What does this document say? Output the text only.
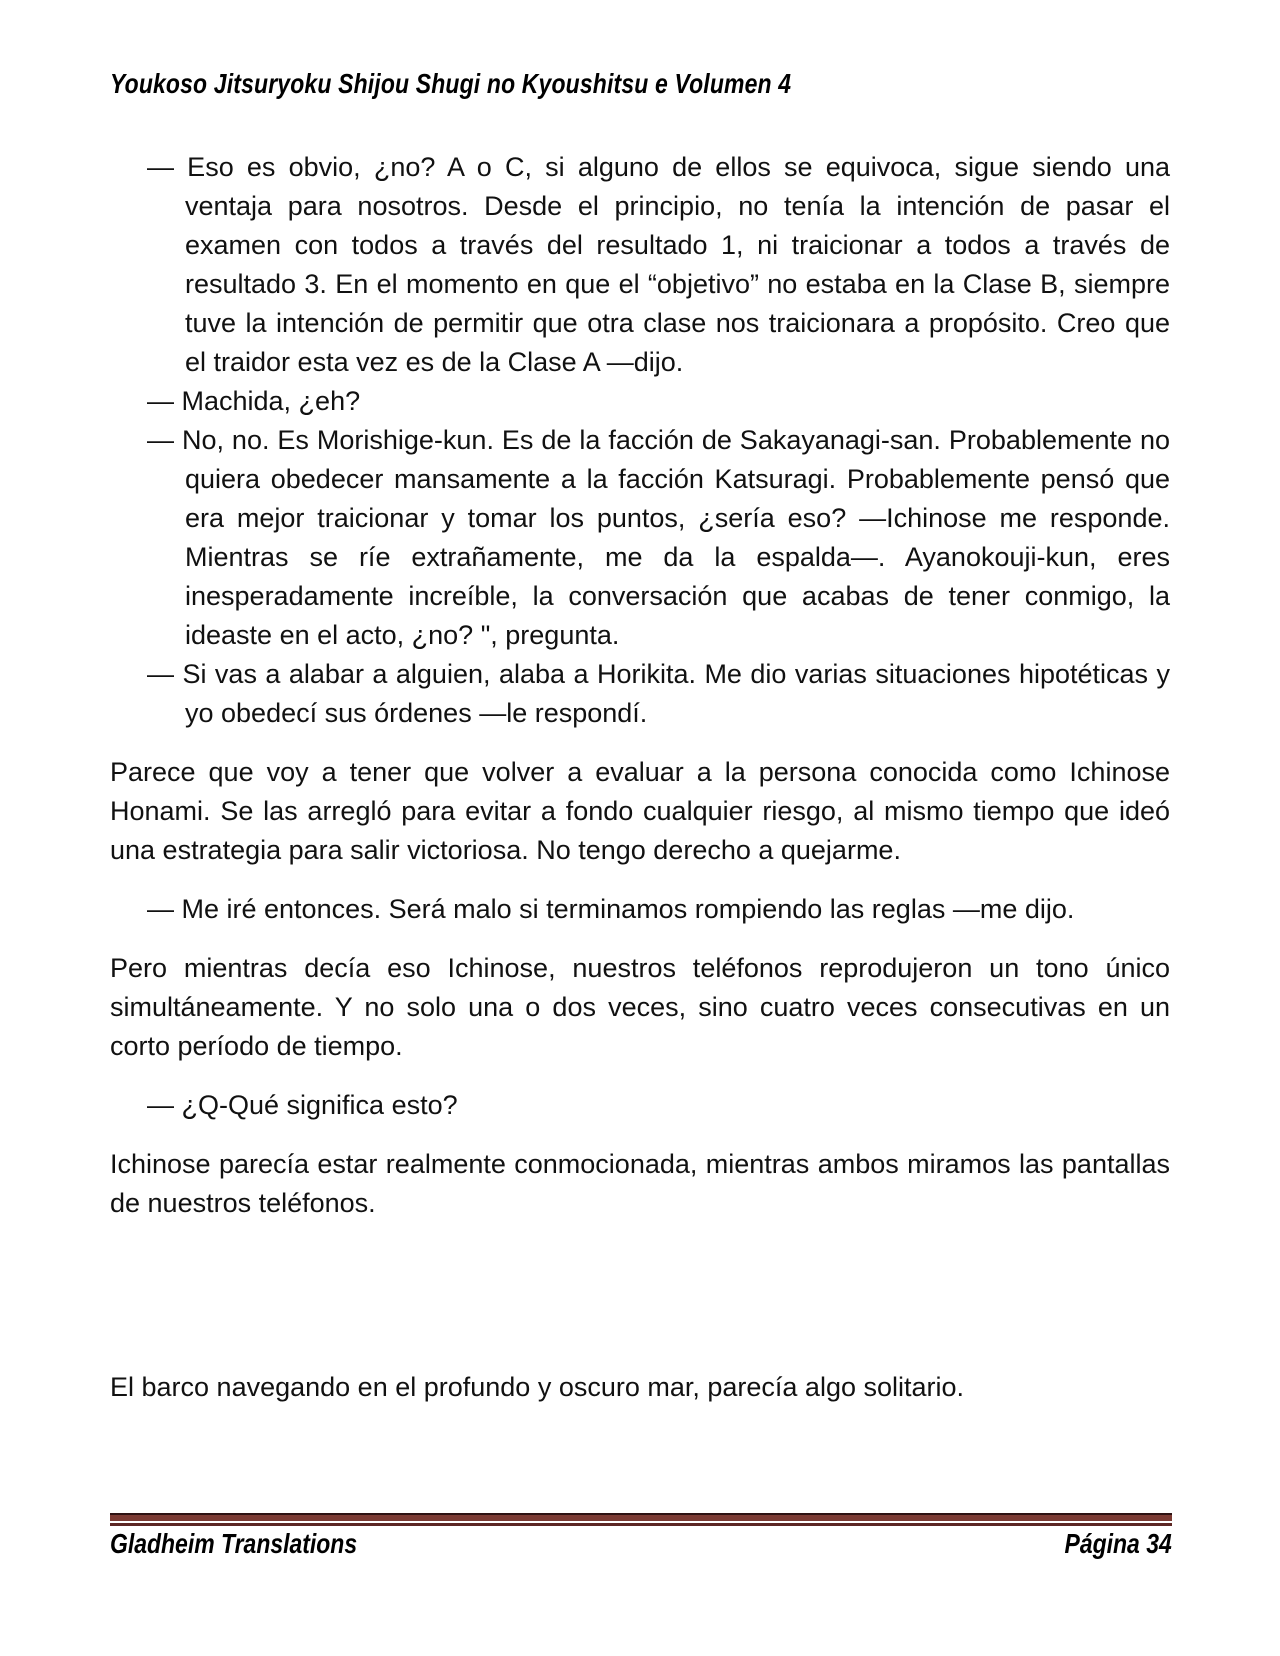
Youkoso Jitsuryoku Shijou Shugi no Kyoushitsu e Volumen 4

— Eso es obvio, ¿no? A o C, si alguno de ellos se equivoca, sigue siendo una ventaja para nosotros. Desde el principio, no tenía la intención de pasar el examen con todos a través del resultado 1, ni traicionar a todos a través de resultado 3. En el momento en que el “objetivo” no estaba en la Clase B, siempre tuve la intención de permitir que otra clase nos traicionara a propósito. Creo que el traidor esta vez es de la Clase A —dijo.

— Machida, ¿eh?

— No, no. Es Morishige-kun. Es de la facción de Sakayanagi-san. Probablemente no quiera obedecer mansamente a la facción Katsuragi. Probablemente pensó que era mejor traicionar y tomar los puntos, ¿sería eso? —Ichinose me responde. Mientras se ríe extrañamente, me da la espalda—. Ayanokouji-kun, eres inesperadamente increíble, la conversación que acabas de tener conmigo, la ideaste en el acto, ¿no? ", pregunta.

— Si vas a alabar a alguien, alaba a Horikita. Me dio varias situaciones hipotéticas y yo obedecí sus órdenes —le respondí.

Parece que voy a tener que volver a evaluar a la persona conocida como Ichinose Honami. Se las arregló para evitar a fondo cualquier riesgo, al mismo tiempo que ideó una estrategia para salir victoriosa. No tengo derecho a quejarme.

— Me iré entonces. Será malo si terminamos rompiendo las reglas —me dijo.

Pero mientras decía eso Ichinose, nuestros teléfonos reprodujeron un tono único simultáneamente. Y no solo una o dos veces, sino cuatro veces consecutivas en un corto período de tiempo.

— ¿Q-Qué significa esto?

Ichinose parecía estar realmente conmocionada, mientras ambos miramos las pantallas de nuestros teléfonos.

El barco navegando en el profundo y oscuro mar, parecía algo solitario.

Gladheim Translations	Página 34
